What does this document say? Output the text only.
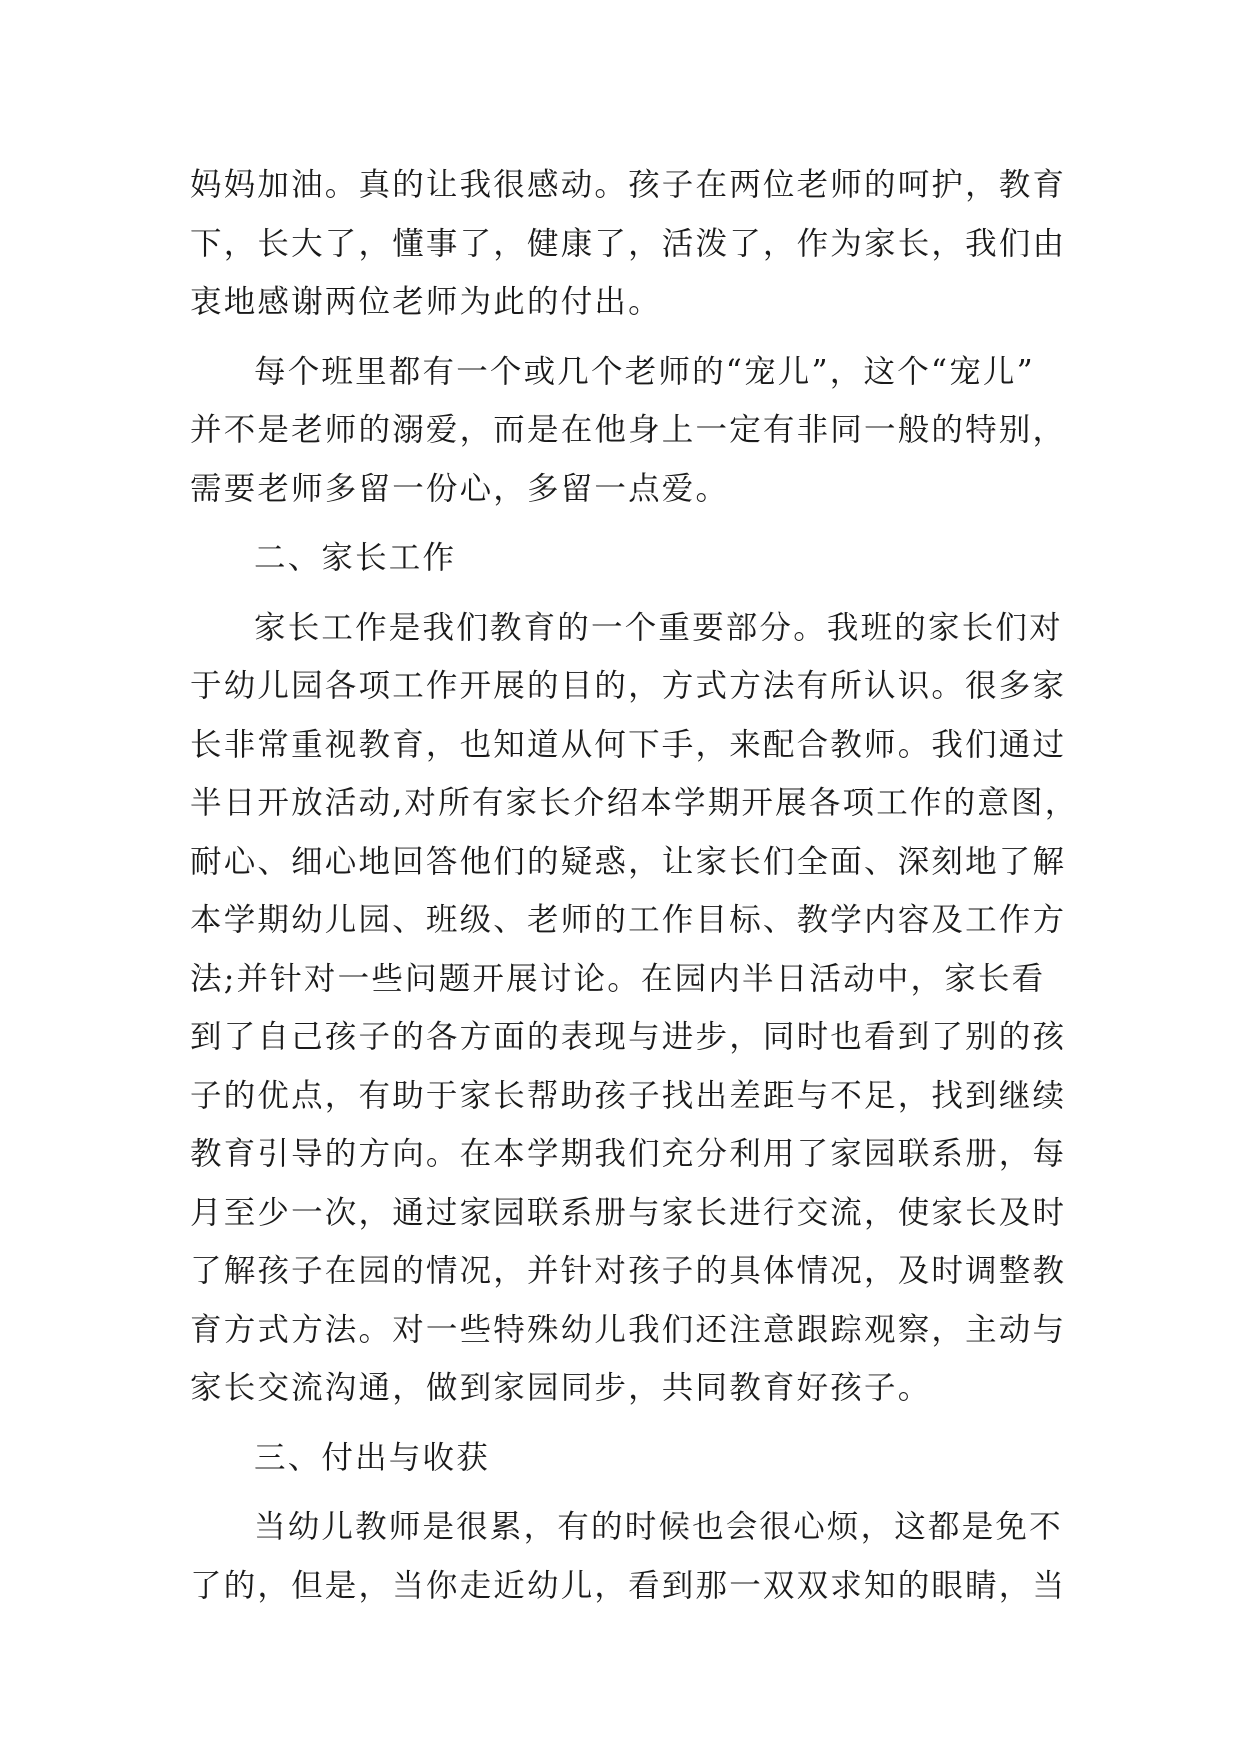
妈妈加油。真的让我很感动。孩子在两位老师的呵护，教育
下，长大了，懂事了，健康了，活泼了，作为家长，我们由
衷地感谢两位老师为此的付出。
每个班里都有一个或几个老师的“宠儿”，这个“宠儿”
并不是老师的溺爱，而是在他身上一定有非同一般的特别，
需要老师多留一份心，多留一点爱。
二、家长工作
家长工作是我们教育的一个重要部分。我班的家长们对
于幼儿园各项工作开展的目的，方式方法有所认识。很多家
长非常重视教育，也知道从何下手，来配合教师。我们通过
半日开放活动,对所有家长介绍本学期开展各项工作的意图，
耐心、细心地回答他们的疑惑，让家长们全面、深刻地了解
本学期幼儿园、班级、老师的工作目标、教学内容及工作方
法;并针对一些问题开展讨论。在园内半日活动中，家长看
到了自己孩子的各方面的表现与进步，同时也看到了别的孩
子的优点，有助于家长帮助孩子找出差距与不足，找到继续
教育引导的方向。在本学期我们充分利用了家园联系册，每
月至少一次，通过家园联系册与家长进行交流，使家长及时
了解孩子在园的情况，并针对孩子的具体情况，及时调整教
育方式方法。对一些特殊幼儿我们还注意跟踪观察，主动与
家长交流沟通，做到家园同步，共同教育好孩子。
三、付出与收获
当幼儿教师是很累，有的时候也会很心烦，这都是免不
了的，但是，当你走近幼儿，看到那一双双求知的眼睛，当
